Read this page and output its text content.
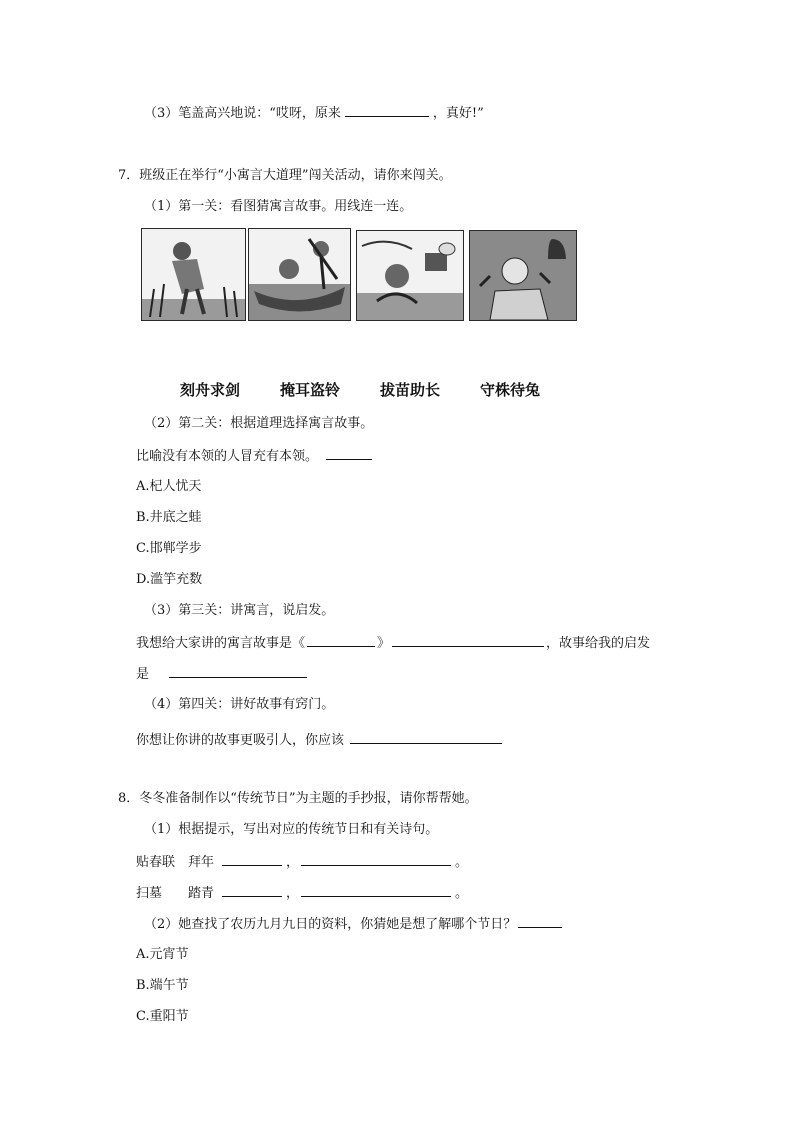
（3）笔盖高兴地说：“哎呀，原来	，真好!”
7．班级正在举行“小寓言大道理”闯关活动，请你来闯关。
（1）第一关：看图猜寓言故事。用线连一连。
刻舟求剑	掩耳盗铃	拔苗助长	守株待兔
（2）第二关：根据道理选择寓言故事。
比喻没有本领的人冒充有本领。
A.杞人忧天
B.井底之蛙
C.邯郸学步
D.滥竽充数
（3）第三关：讲寓言，说启发。
我想给大家讲的寓言故事是《	》	，故事给我的启发
是
（4）第四关：讲好故事有窍门。
你想让你讲的故事更吸引人，你应该
8．冬冬准备制作以“传统节日”为主题的手抄报，请你帮帮她。
（1）根据提示，写出对应的传统节日和有关诗句。
贴春联　拜年	，	。
扫墓　　踏青	，	。
（2）她查找了农历九月九日的资料，你猜她是想了解哪个节日？
A.元宵节
B.端午节
C.重阳节
